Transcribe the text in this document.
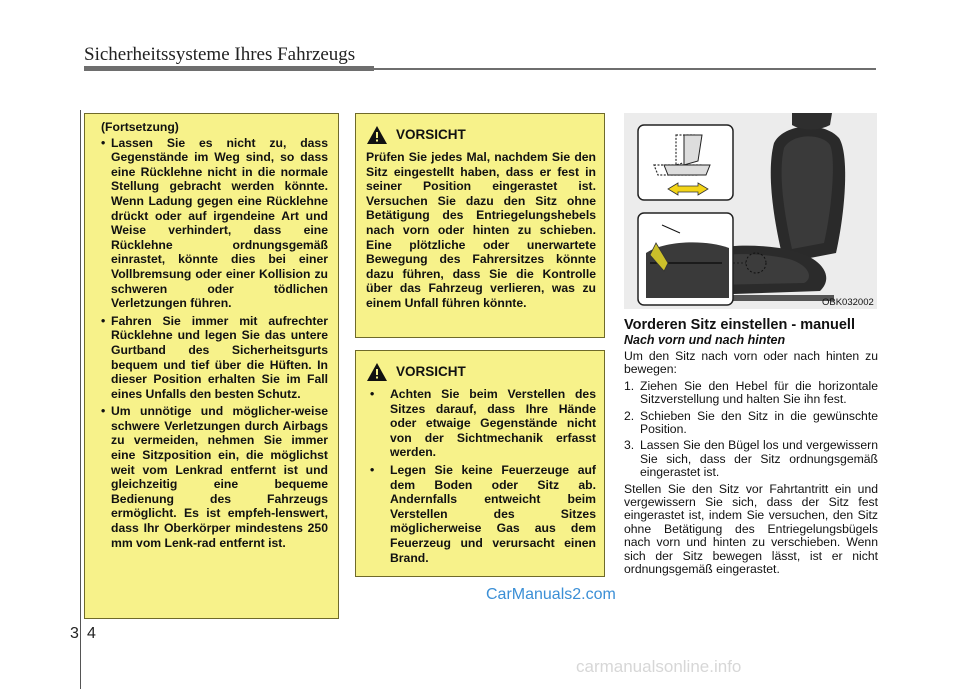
Sicherheitssysteme Ihres Fahrzeugs
3 4
(Fortsetzung)
• Lassen Sie es nicht zu, dass Gegenstände im Weg sind, so dass eine Rücklehne nicht in die normale Stellung gebracht werden könnte. Wenn Ladung gegen eine Rücklehne drückt oder auf irgendeine Art und Weise verhindert, dass eine Rücklehne ordnungsgemäß einrastet, könnte dies bei einer Vollbremsung oder einer Kollision zu schweren oder tödlichen Verletzungen führen.
• Fahren Sie immer mit aufrechter Rücklehne und legen Sie das untere Gurtband des Sicherheitsgurts bequem und tief über die Hüften. In dieser Position erhalten Sie im Fall eines Unfalls den besten Schutz.
• Um unnötige und möglicher-weise schwere Verletzungen durch Airbags zu vermeiden, nehmen Sie immer eine Sitzposition ein, die möglichst weit vom Lenkrad entfernt ist und gleichzeitig eine bequeme Bedienung des Fahrzeugs ermöglicht. Es ist empfeh-lenswert, dass Ihr Oberkörper mindestens 250 mm vom Lenk-rad entfernt ist.
VORSICHT
Prüfen Sie jedes Mal, nachdem Sie den Sitz eingestellt haben, dass er fest in seiner Position eingerastet ist. Versuchen Sie dazu den Sitz ohne Betätigung des Entriegelungshebels nach vorn oder hinten zu schieben. Eine plötzliche oder unerwartete Bewegung des Fahrersitzes könnte dazu führen, dass Sie die Kontrolle über das Fahrzeug verlieren, was zu einem Unfall führen könnte.
VORSICHT
• Achten Sie beim Verstellen des Sitzes darauf, dass Ihre Hände oder etwaige Gegenstände nicht von der Sichtmechanik erfasst werden.
• Legen Sie keine Feuerzeuge auf dem Boden oder Sitz ab. Andernfalls entweicht beim Verstellen des Sitzes möglicherweise Gas aus dem Feuerzeug und verursacht einen Brand.
OBK032002
Vorderen Sitz einstellen - manuell
Nach vorn und nach hinten

Um den Sitz nach vorn oder nach hinten zu bewegen:

1. Ziehen Sie den Hebel für die horizontale Sitzverstellung und halten Sie ihn fest.
2. Schieben Sie den Sitz in die gewünschte Position.
3. Lassen Sie den Bügel los und vergewissern Sie sich, dass der Sitz ordnungsgemäß eingerastet ist.

Stellen Sie den Sitz vor Fahrtantritt ein und vergewissern Sie sich, dass der Sitz fest eingerastet ist, indem Sie versuchen, den Sitz ohne Betätigung des Entriegelungsbügels nach vorn und hinten zu verschieben. Wenn sich der Sitz bewegen lässt, ist er nicht ordnungsgemäß eingerastet.

CarManuals2.com
carmanualsonline.info
